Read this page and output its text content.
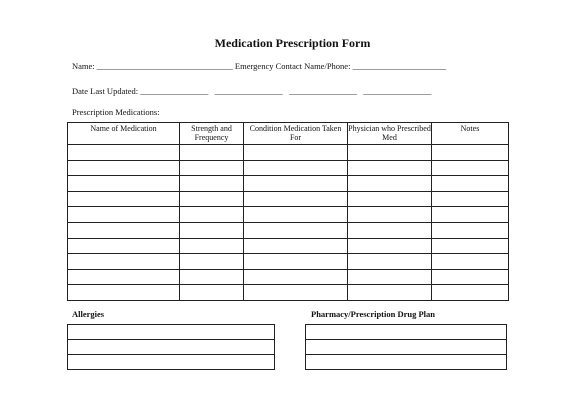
Medication Prescription Form
Name: ________________________________ Emergency Contact Name/Phone: ______________________
Date Last Updated: ________________ ________________ ________________ ________________
Prescription Medications:
Name of Medication	Strength and Frequency	Condition Medication Taken For	Physician who Prescribed Med	Notes

Allergies	Pharmacy/Prescription Drug Plan
